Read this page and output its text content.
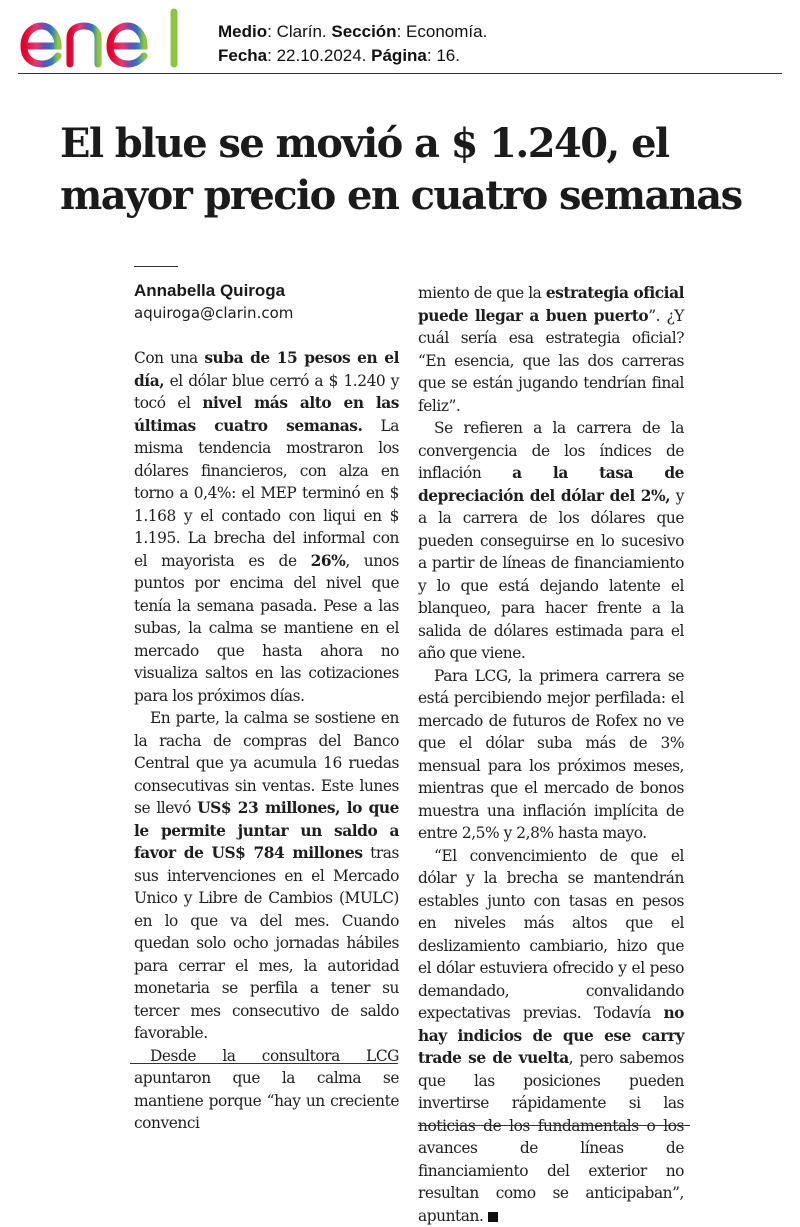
Medio: Clarín. Sección: Economía.
Fecha: 22.10.2024. Página: 16.
El blue se movió a $ 1.240, el mayor precio en cuatro semanas
Annabella Quiroga
aquiroga@clarin.com

Con una suba de 15 pesos en el día, el dólar blue cerró a $ 1.240 y tocó el nivel más alto en las últimas cuatro semanas. La misma tendencia mostraron los dólares financieros, con alza en torno a 0,4%: el MEP terminó en $ 1.168 y el contado con liqui en $ 1.195. La brecha del informal con el mayorista es de 26%, unos puntos por encima del nivel que tenía la semana pasada. Pese a las subas, la calma se mantiene en el mercado que hasta ahora no visualiza saltos en las cotizaciones para los próximos días.

En parte, la calma se sostiene en la racha de compras del Banco Central que ya acumula 16 ruedas consecutivas sin ventas. Este lunes se llevó US$ 23 millones, lo que le permite juntar un saldo a favor de US$ 784 millones tras sus intervenciones en el Mercado Unico y Libre de Cambios (MULC) en lo que va del mes. Cuando quedan solo ocho jornadas hábiles para cerrar el mes, la autoridad monetaria se perfila a tener su tercer mes consecutivo de saldo favorable.

Desde la consultora LCG apuntaron que la calma se mantiene porque “hay un creciente convenci

miento de que la estrategia oficial puede llegar a buen puerto”. ¿Y cuál sería esa estrategia oficial? “En esencia, que las dos carreras que se están jugando tendrían final feliz”.

Se refieren a la carrera de la convergencia de los índices de inflación a la tasa de depreciación del dólar del 2%, y a la carrera de los dólares que pueden conseguirse en lo sucesivo a partir de líneas de financiamiento y lo que está dejando latente el blanqueo, para hacer frente a la salida de dólares estimada para el año que viene.

Para LCG, la primera carrera se está percibiendo mejor perfilada: el mercado de futuros de Rofex no ve que el dólar suba más de 3% mensual para los próximos meses, mientras que el mercado de bonos muestra una inflación implícita de entre 2,5% y 2,8% hasta mayo.

“El convencimiento de que el dólar y la brecha se mantendrán estables junto con tasas en pesos en niveles más altos que el deslizamiento cambiario, hizo que el dólar estuviera ofrecido y el peso demandado, convalidando expectativas previas. Todavía no hay indicios de que ese carry trade se de vuelta, pero sabemos que las posiciones pueden invertirse rápidamente si las noticias de los fundamentals o los avances de líneas de financiamiento del exterior no resultan como se anticipaban”, apuntan.
